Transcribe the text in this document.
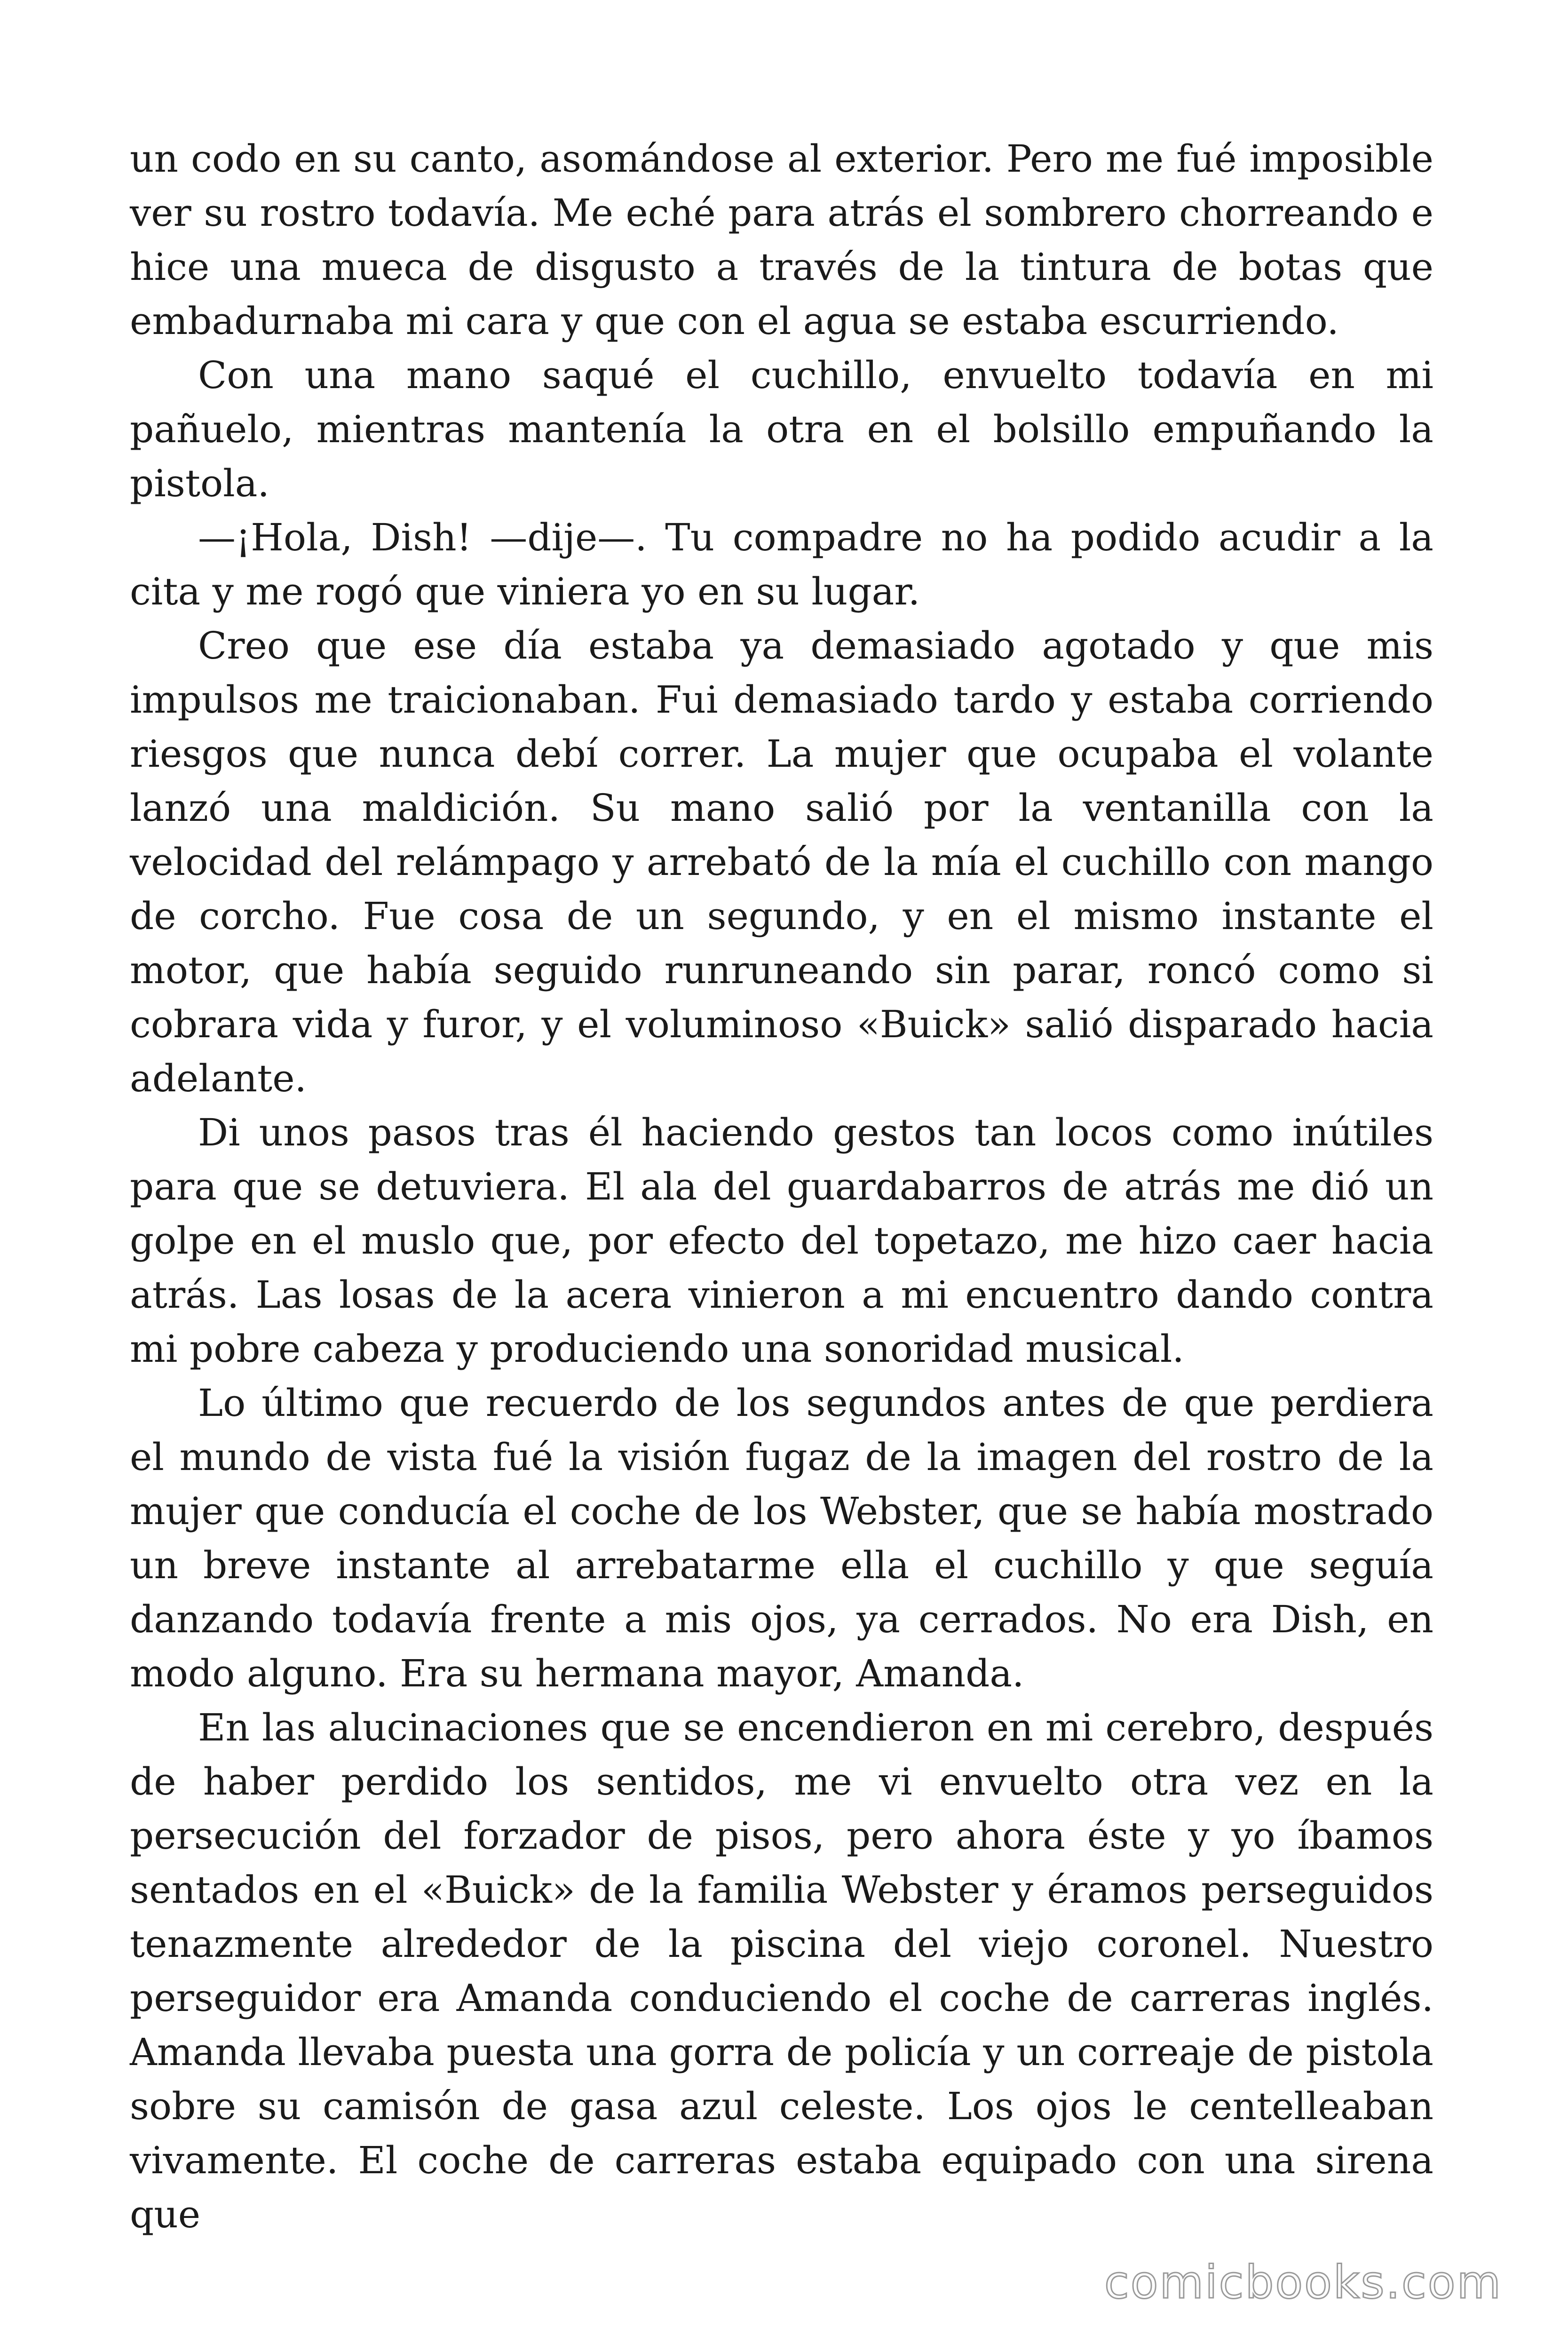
un codo en su canto, asomándose al exterior. Pero me fué imposible ver su rostro todavía. Me eché para atrás el sombrero chorreando e hice una mueca de disgusto a través de la tintura de botas que embadurnaba mi cara y que con el agua se estaba escurriendo.

Con una mano saqué el cuchillo, envuelto todavía en mi pañuelo, mientras mantenía la otra en el bolsillo empuñando la pistola.

—¡Hola, Dish! —dije—. Tu compadre no ha podido acudir a la cita y me rogó que viniera yo en su lugar.

Creo que ese día estaba ya demasiado agotado y que mis impulsos me traicionaban. Fui demasiado tardo y estaba corriendo riesgos que nunca debí correr. La mujer que ocupaba el volante lanzó una maldición. Su mano salió por la ventanilla con la velocidad del relámpago y arrebató de la mía el cuchillo con mango de corcho. Fue cosa de un segundo, y en el mismo instante el motor, que había seguido runruneando sin parar, roncó como si cobrara vida y furor, y el voluminoso «Buick» salió disparado hacia adelante.

Di unos pasos tras él haciendo gestos tan locos como inútiles para que se detuviera. El ala del guardabarros de atrás me dió un golpe en el muslo que, por efecto del topetazo, me hizo caer hacia atrás. Las losas de la acera vinieron a mi encuentro dando contra mi pobre cabeza y produciendo una sonoridad musical.

Lo último que recuerdo de los segundos antes de que perdiera el mundo de vista fué la visión fugaz de la imagen del rostro de la mujer que conducía el coche de los Webster, que se había mostrado un breve instante al arrebatarme ella el cuchillo y que seguía danzando todavía frente a mis ojos, ya cerrados. No era Dish, en modo alguno. Era su hermana mayor, Amanda.

En las alucinaciones que se encendieron en mi cerebro, después de haber perdido los sentidos, me vi envuelto otra vez en la persecución del forzador de pisos, pero ahora éste y yo íbamos sentados en el «Buick» de la familia Webster y éramos perseguidos tenazmente alrededor de la piscina del viejo coronel. Nuestro perseguidor era Amanda conduciendo el coche de carreras inglés. Amanda llevaba puesta una gorra de policía y un correaje de pistola sobre su camisón de gasa azul celeste. Los ojos le centelleaban vivamente. El coche de carreras estaba equipado con una sirena que

comicbooks.com
